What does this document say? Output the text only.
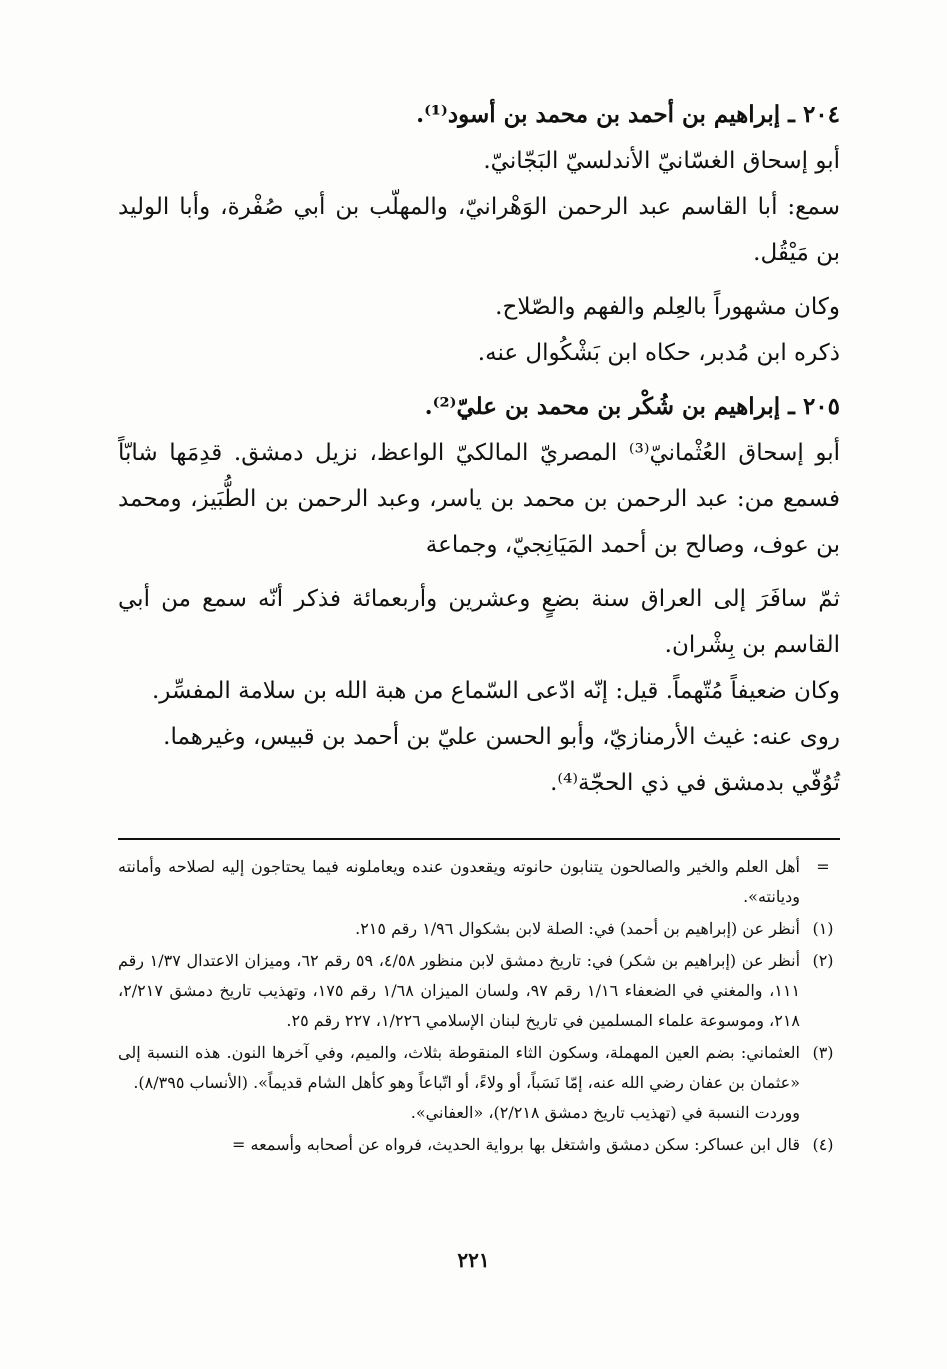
٢٠٤ ـ إبراهيم بن أحمد بن محمد بن أسود⁽¹⁾.

أبو إسحاق الغسّانيّ الأندلسيّ البَجّانيّ.

سمع: أبا القاسم عبد الرحمن الوَهْرانيّ، والمهلّب بن أبي صُفْرة، وأبا الوليد بن مَيْقُل.

وكان مشهوراً بالعِلم والفهم والصّلاح.

ذكره ابن مُدبر، حكاه ابن بَشْكُوال عنه.

٢٠٥ ـ إبراهيم بن شُكْر بن محمد بن عليّ⁽²⁾.

أبو إسحاق العُثْمانيّ⁽³⁾ المصريّ المالكيّ الواعظ، نزيل دمشق. قدِمَها شابّاً فسمع من: عبد الرحمن بن محمد بن ياسر، وعبد الرحمن بن الطُّبَيز، ومحمد بن عوف، وصالح بن أحمد المَيَانِجيّ، وجماعة

ثمّ سافَرَ إلى العراق سنة بضعٍ وعشرين وأربعمائة فذكر أنّه سمع من أبي القاسم بن بِشْران.

وكان ضعيفاً مُتّهماً. قيل: إنّه ادّعى السّماع من هبة الله بن سلامة المفسِّر.

روى عنه: غيث الأرمنازيّ، وأبو الحسن عليّ بن أحمد بن قبيس، وغيرهما.

تُوُفّي بدمشق في ذي الحجّة⁽⁴⁾.

=
أهل العلم والخير والصالحون يتنابون حانوته ويقعدون عنده ويعاملونه فيما يحتاجون إليه لصلاحه وأمانته وديانته».
(١)
أنظر عن (إبراهيم بن أحمد) في: الصلة لابن بشكوال ١/٩٦ رقم ٢١٥.
(٢)
أنظر عن (إبراهيم بن شكر) في: تاريخ دمشق لابن منظور ٤/٥٨، ٥٩ رقم ٦٢، وميزان الاعتدال ١/٣٧ رقم ١١١، والمغني في الضعفاء ١/١٦ رقم ٩٧، ولسان الميزان ١/٦٨ رقم ١٧٥، وتهذيب تاريخ دمشق ٢/٢١٧، ٢١٨، وموسوعة علماء المسلمين في تاريخ لبنان الإسلامي ١/٢٢٦، ٢٢٧ رقم ٢٥.
(٣)
العثماني: بضم العين المهملة، وسكون الثاء المنقوطة بثلاث، والميم، وفي آخرها النون. هذه النسبة إلى «عثمان بن عفان رضي الله عنه، إمّا نَسَباً، أو ولاءً، أو اتّباعاً وهو كأهل الشام قديماً». (الأنساب ٨/٣٩٥).
ووردت النسبة في (تهذيب تاريخ دمشق ٢/٢١٨)، «العفاني».
(٤)
قال ابن عساكر: سكن دمشق واشتغل بها برواية الحديث، فرواه عن أصحابه وأسمعه =
٢٢١
